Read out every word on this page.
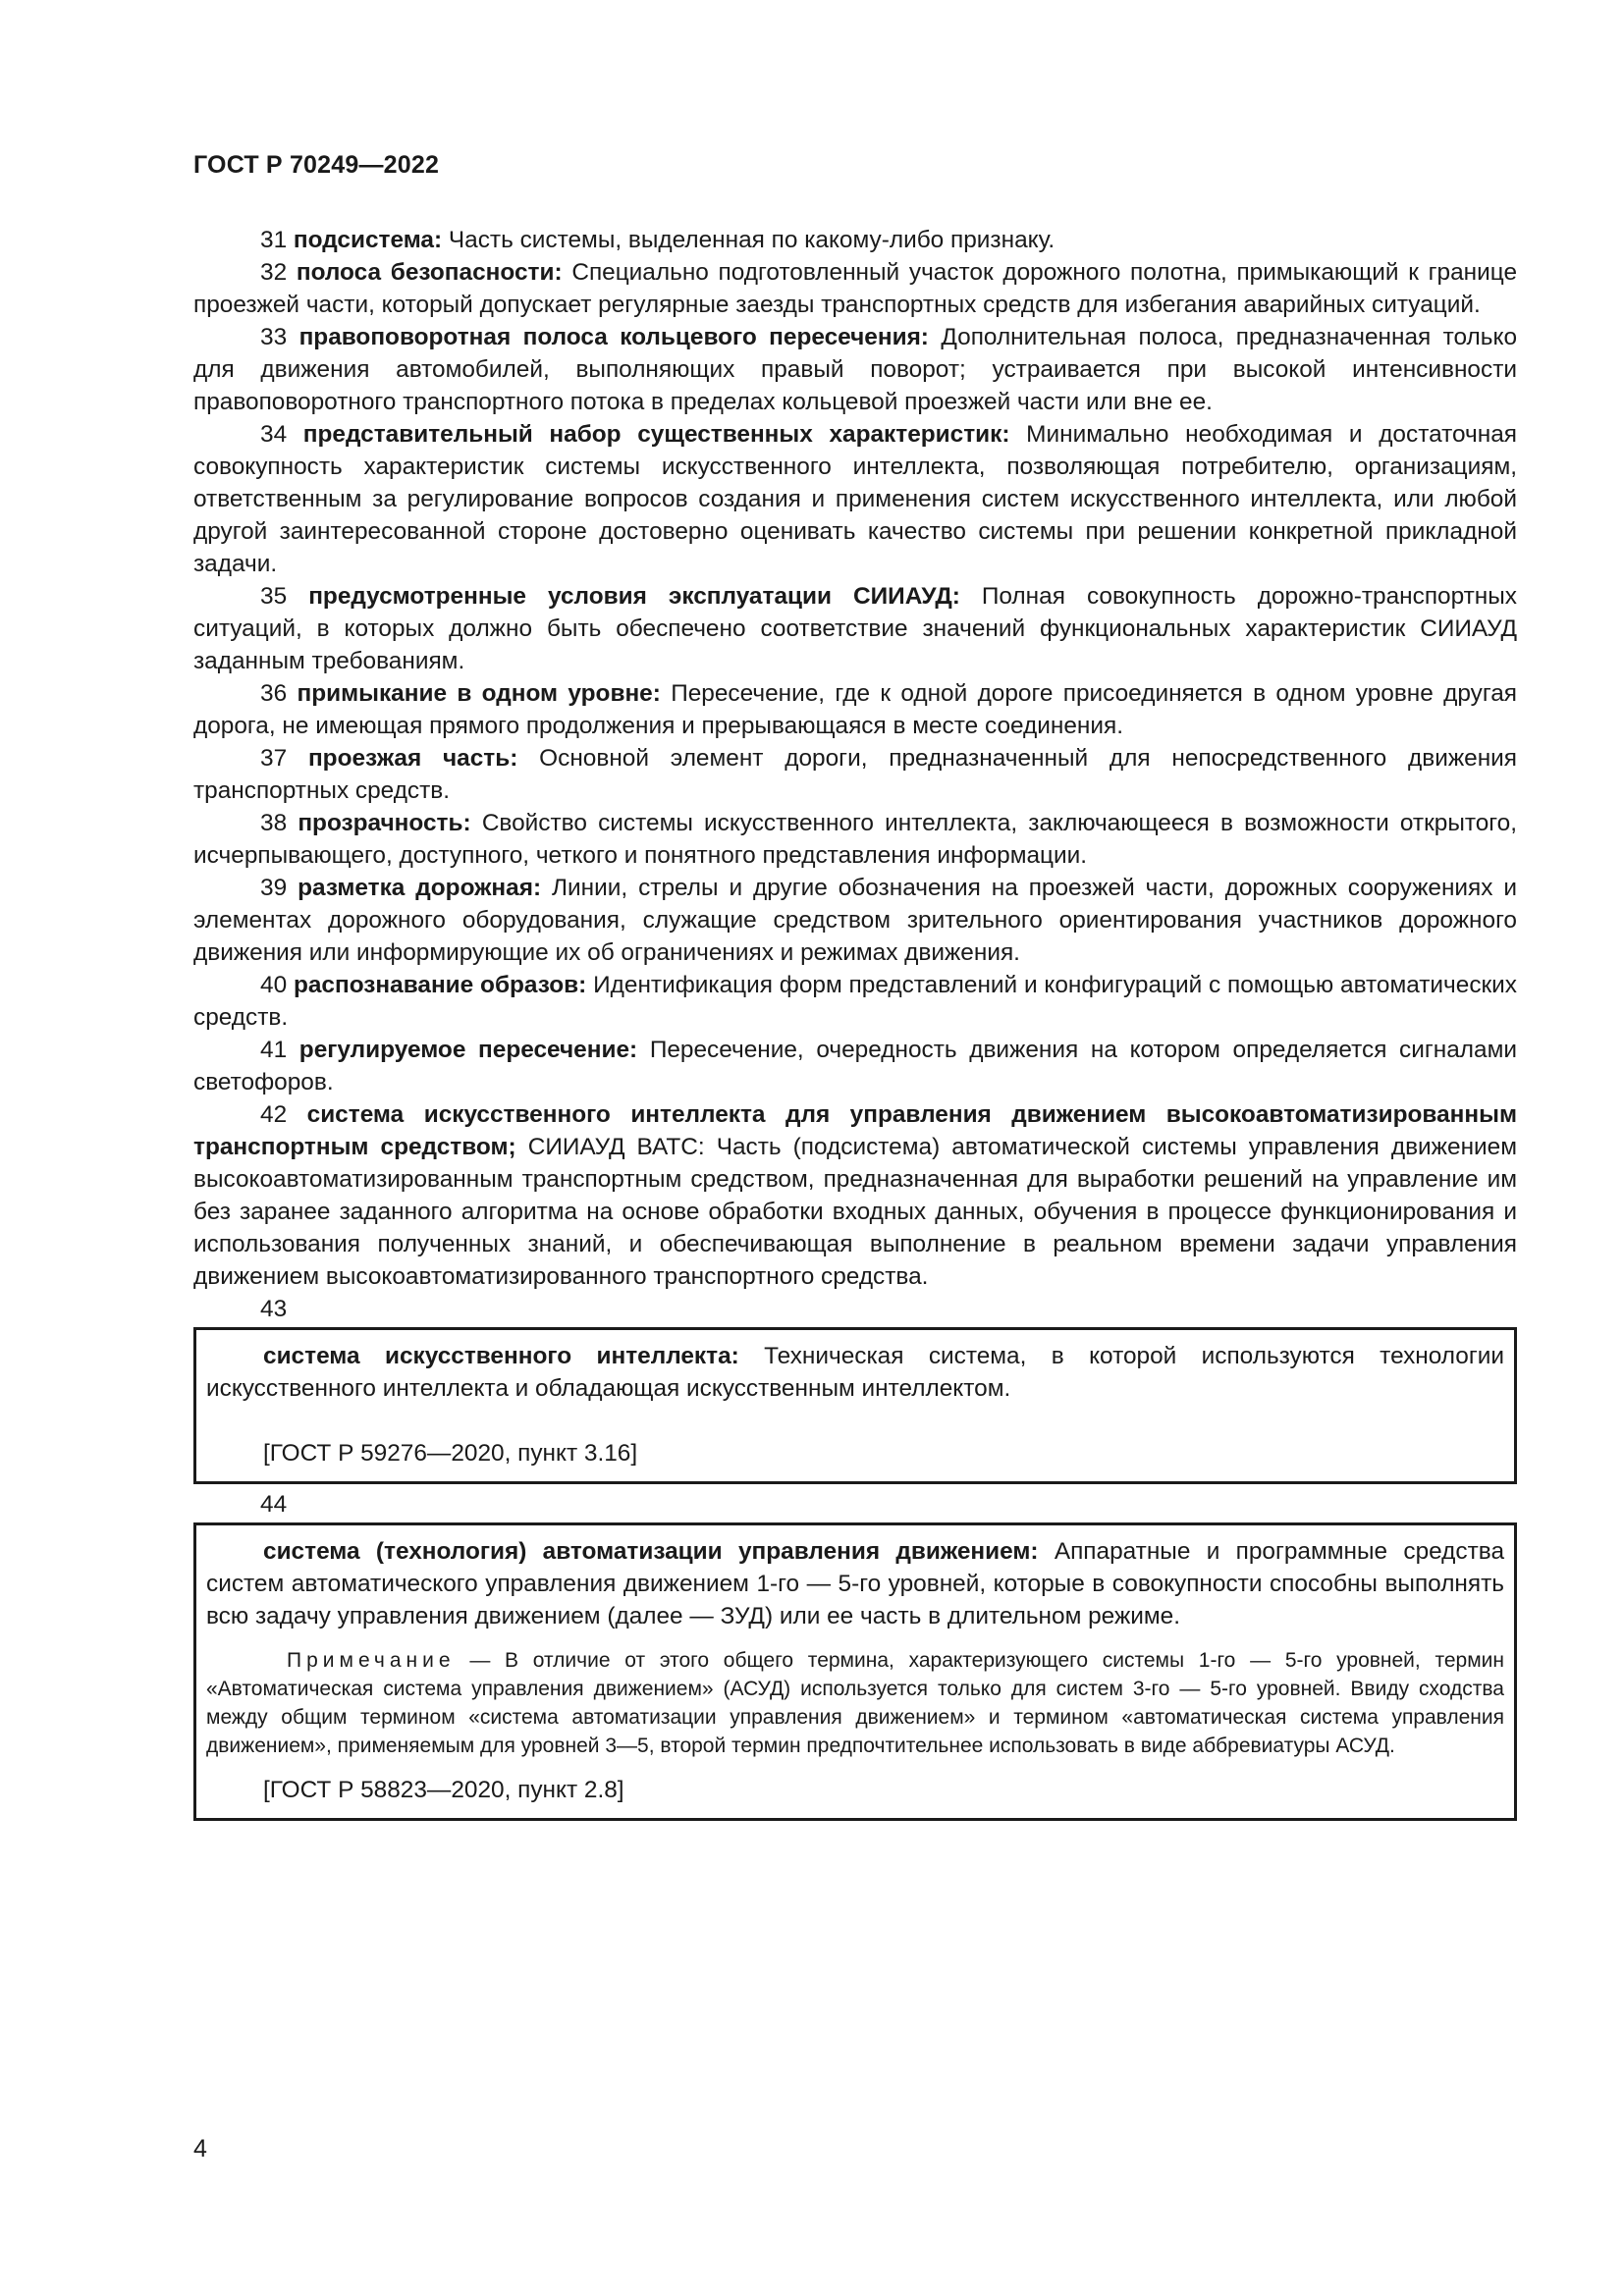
ГОСТ Р 70249—2022

31 подсистема: Часть системы, выделенная по какому-либо признаку.

32 полоса безопасности: Специально подготовленный участок дорожного полотна, примыкающий к границе проезжей части, который допускает регулярные заезды транспортных средств для избегания аварийных ситуаций.

33 правоповоротная полоса кольцевого пересечения: Дополнительная полоса, предназначенная только для движения автомобилей, выполняющих правый поворот; устраивается при высокой интенсивности правоповоротного транспортного потока в пределах кольцевой проезжей части или вне ее.

34 представительный набор существенных характеристик: Минимально необходимая и достаточная совокупность характеристик системы искусственного интеллекта, позволяющая потребителю, организациям, ответственным за регулирование вопросов создания и применения систем искусственного интеллекта, или любой другой заинтересованной стороне достоверно оценивать качество системы при решении конкретной прикладной задачи.

35 предусмотренные условия эксплуатации СИИАУД: Полная совокупность дорожно-транспортных ситуаций, в которых должно быть обеспечено соответствие значений функциональных характеристик СИИАУД заданным требованиям.

36 примыкание в одном уровне: Пересечение, где к одной дороге присоединяется в одном уровне другая дорога, не имеющая прямого продолжения и прерывающаяся в месте соединения.

37 проезжая часть: Основной элемент дороги, предназначенный для непосредственного движения транспортных средств.

38 прозрачность: Свойство системы искусственного интеллекта, заключающееся в возможности открытого, исчерпывающего, доступного, четкого и понятного представления информации.

39 разметка дорожная: Линии, стрелы и другие обозначения на проезжей части, дорожных сооружениях и элементах дорожного оборудования, служащие средством зрительного ориентирования участников дорожного движения или информирующие их об ограничениях и режимах движения.

40 распознавание образов: Идентификация форм представлений и конфигураций с помощью автоматических средств.

41 регулируемое пересечение: Пересечение, очередность движения на котором определяется сигналами светофоров.

42 система искусственного интеллекта для управления движением высокоавтоматизированным транспортным средством; СИИАУД ВАТС: Часть (подсистема) автоматической системы управления движением высокоавтоматизированным транспортным средством, предназначенная для выработки решений на управление им без заранее заданного алгоритма на основе обработки входных данных, обучения в процессе функционирования и использования полученных знаний, и обеспечивающая выполнение в реальном времени задачи управления движением высокоавтоматизированного транспортного средства.

43

система искусственного интеллекта: Техническая система, в которой используются технологии искусственного интеллекта и обладающая искусственным интеллектом.

[ГОСТ Р 59276—2020, пункт 3.16]

44

система (технология) автоматизации управления движением: Аппаратные и программные средства систем автоматического управления движением 1-го — 5-го уровней, которые в совокупности способны выполнять всю задачу управления движением (далее — ЗУД) или ее часть в длительном режиме.

Примечание — В отличие от этого общего термина, характеризующего системы 1-го — 5-го уровней, термин «Автоматическая система управления движением» (АСУД) используется только для систем 3-го — 5-го уровней. Ввиду сходства между общим термином «система автоматизации управления движением» и термином «автоматическая система управления движением», применяемым для уровней 3—5, второй термин предпочтительнее использовать в виде аббревиатуры АСУД.

[ГОСТ Р 58823—2020, пункт 2.8]

4
